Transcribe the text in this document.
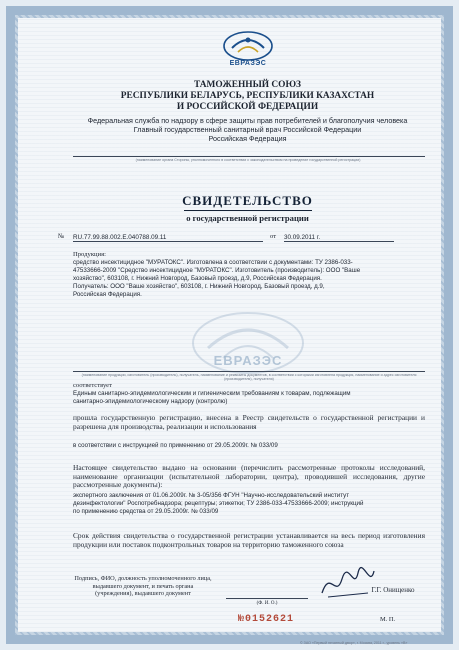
ЕВРАЗЭС
ТАМОЖЕННЫЙ СОЮЗ
РЕСПУБЛИКИ БЕЛАРУСЬ, РЕСПУБЛИКИ КАЗАХСТАН
И РОССИЙСКОЙ ФЕДЕРАЦИИ
Федеральная служба по надзору в сфере защиты прав потребителей и благополучия человека
Главный государственный санитарный врач Российской Федерации
Российская Федерация
(наименование органа Стороны, уполномоченного в соответствии с законодательством на проведение государственной регистрации)
СВИДЕТЕЛЬСТВО
о государственной регистрации
№ RU.77.99.88.002.E.040788.09.11	от 30.09.2011 г.
Продукция:
средство инсектицидное "МУРАТОКС". Изготовлена в соответствии с документами: ТУ 2386-033-
47533666-2009 "Средство инсектицидное "МУРАТОКС". Изготовитель (производитель): ООО "Ваше
хозяйство", 603108, г. Нижний Новгород, Базовый проезд, д.9, Российская Федерация.
Получатель: ООО "Ваше хозяйство", 603108, г. Нижний Новгород, Базовый проезд, д.9,
Российская Федерация.
ЕВРАЗЭС
(наименование продукции, изготовитель (производитель), получатель, наименование и реквизиты документов, в соответствии с которыми изготовлена продукция, наименование и адрес изготовителя (производителя), получателя)
соответствует
Единым санитарно-эпидемиологическим и гигиеническим требованиям к товарам, подлежащим
санитарно-эпидемиологическому надзору (контролю)
прошла государственную регистрацию, внесена в Реестр свидетельств о государственной регистрации и разрешена для производства, реализации и использования
в соответствии с инструкцией по применению от 29.05.2009г. № 033/09
Настоящее свидетельство выдано на основании (перечислить рассмотренные протоколы исследований, наименование организации (испытательной лаборатории, центра), проводившей исследования, другие рассмотренные документы):
экспертного заключения от 01.06.2009г. № 3-05/356 ФГУН "Научно-исследовательский институт
дезинфектологии" Роспотребнадзора; рецептуры; этикетки; ТУ 2386-033-47533666-2009; инструкций
по применению средства от 29.05.2009г. № 033/09
Срок действия свидетельства о государственной регистрации устанавливается на весь период изготовления продукции или поставок подконтрольных товаров на территорию таможенного союза
Подпись, ФИО, должность уполномоченного лица, выдавшего документ, и печать органа (учреждения), выдавшего документ
(Ф. И. О.)
Г.Г. Онищенко
№0152621	М. П.
© ЗАО «Первый печатный двор», г. Москва, 2011 г., уровень «В»
